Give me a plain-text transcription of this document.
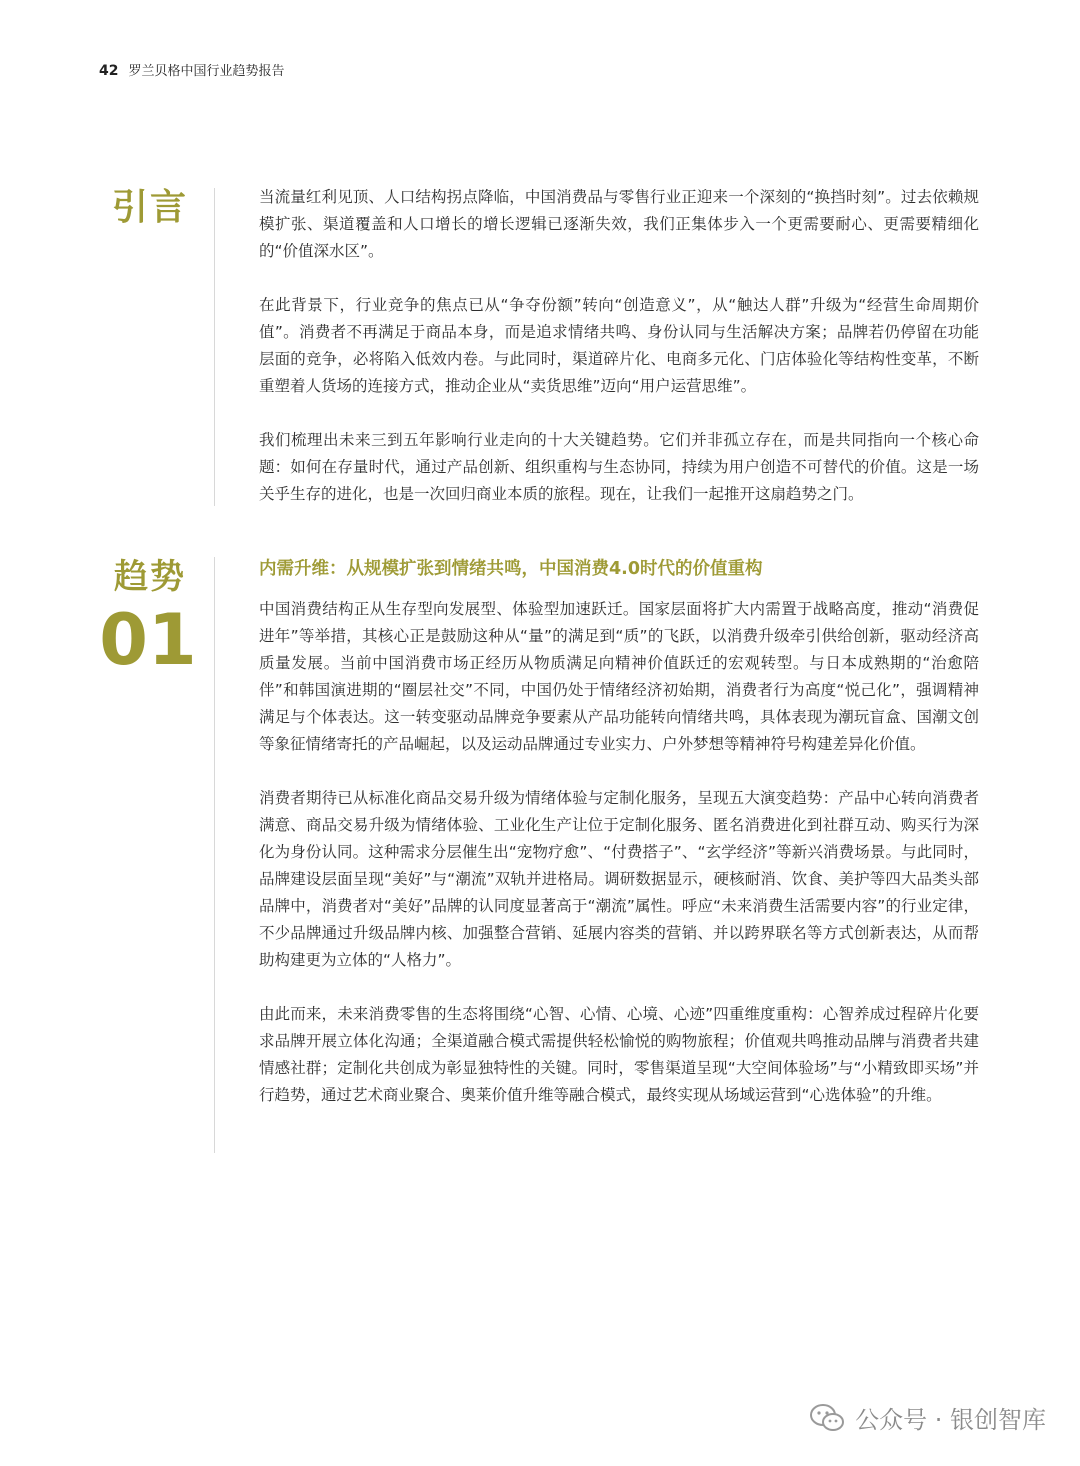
42 罗兰贝格中国行业趋势报告
引言	当流量红利见顶、人口结构拐点降临，中国消费品与零售行业正迎来一个深刻的“换挡时刻”。过去依赖规模扩张、渠道覆盖和人口增长的增长逻辑已逐渐失效，我们正集体步入一个更需要耐心、更需要精细化的“价值深水区”。

在此背景下，行业竞争的焦点已从“争夺份额”转向“创造意义”，从“触达人群”升级为“经营生命周期价值”。消费者不再满足于商品本身，而是追求情绪共鸣、身份认同与生活解决方案；品牌若仍停留在功能层面的竞争，必将陷入低效内卷。与此同时，渠道碎片化、电商多元化、门店体验化等结构性变革，不断重塑着人货场的连接方式，推动企业从“卖货思维”迈向“用户运营思维”。

我们梳理出未来三到五年影响行业走向的十大关键趋势。它们并非孤立存在，而是共同指向一个核心命题：如何在存量时代，通过产品创新、组织重构与生态协同，持续为用户创造不可替代的价值。这是一场关乎生存的进化，也是一次回归商业本质的旅程。现在，让我们一起推开这扇趋势之门。

趋势
01
内需升维：从规模扩张到情绪共鸣，中国消费4.0时代的价值重构

中国消费结构正从生存型向发展型、体验型加速跃迁。国家层面将扩大内需置于战略高度，推动“消费促进年”等举措，其核心正是鼓励这种从“量”的满足到“质”的飞跃，以消费升级牵引供给创新，驱动经济高质量发展。当前中国消费市场正经历从物质满足向精神价值跃迁的宏观转型。与日本成熟期的“治愈陪伴”和韩国演进期的“圈层社交”不同，中国仍处于情绪经济初始期，消费者行为高度“悦己化”，强调精神满足与个体表达。这一转变驱动品牌竞争要素从产品功能转向情绪共鸣，具体表现为潮玩盲盒、国潮文创等象征情绪寄托的产品崛起，以及运动品牌通过专业实力、户外梦想等精神符号构建差异化价值。

消费者期待已从标准化商品交易升级为情绪体验与定制化服务，呈现五大演变趋势：产品中心转向消费者满意、商品交易升级为情绪体验、工业化生产让位于定制化服务、匿名消费进化到社群互动、购买行为深化为身份认同。这种需求分层催生出“宠物疗愈”、“付费搭子”、“玄学经济”等新兴消费场景。与此同时，品牌建设层面呈现“美好”与“潮流”双轨并进格局。调研数据显示，硬核耐消、饮食、美护等四大品类头部品牌中，消费者对“美好”品牌的认同度显著高于“潮流”属性。呼应“未来消费生活需要内容”的行业定律，不少品牌通过升级品牌内核、加强整合营销、延展内容类的营销、并以跨界联名等方式创新表达，从而帮助构建更为立体的“人格力”。

由此而来，未来消费零售的生态将围绕“心智、心情、心境、心迹”四重维度重构：心智养成过程碎片化要求品牌开展立体化沟通；全渠道融合模式需提供轻松愉悦的购物旅程；价值观共鸣推动品牌与消费者共建情感社群；定制化共创成为彰显独特性的关键。同时，零售渠道呈现“大空间体验场”与“小精致即买场”并行趋势，通过艺术商业聚合、奥莱价值升维等融合模式，最终实现从场域运营到“心选体验”的升维。

公众号 · 银创智库
